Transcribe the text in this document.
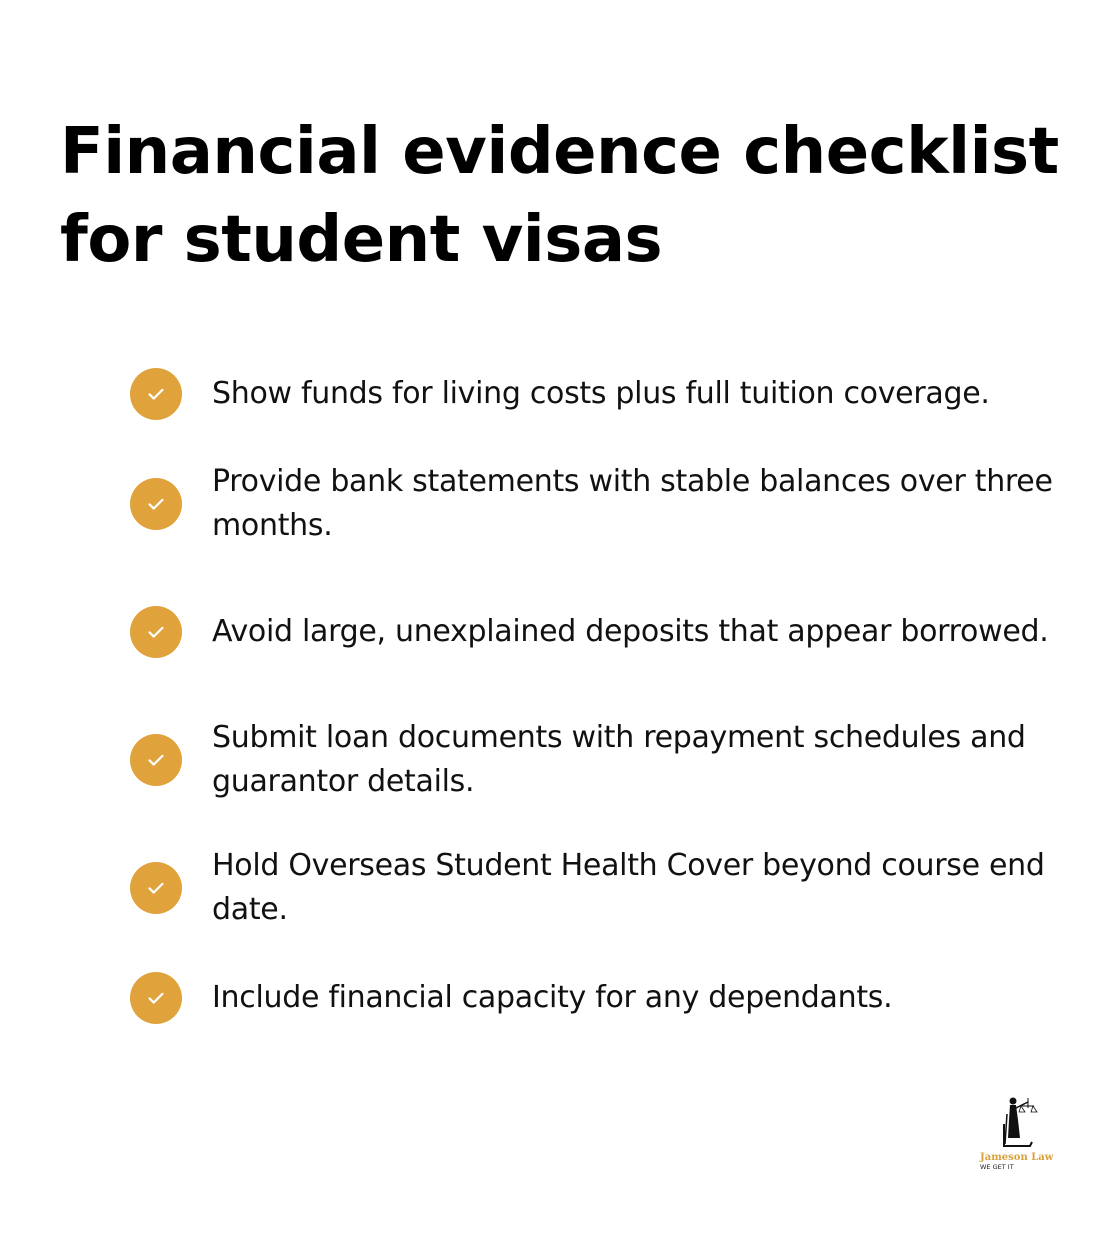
Financial evidence checklist for student visas
Show funds for living costs plus full tuition coverage.
Provide bank statements with stable balances over three months.
Avoid large, unexplained deposits that appear borrowed.
Submit loan documents with repayment schedules and guarantor details.
Hold Overseas Student Health Cover beyond course end date.
Include financial capacity for any dependants.
Jameson Law
WE GET IT
